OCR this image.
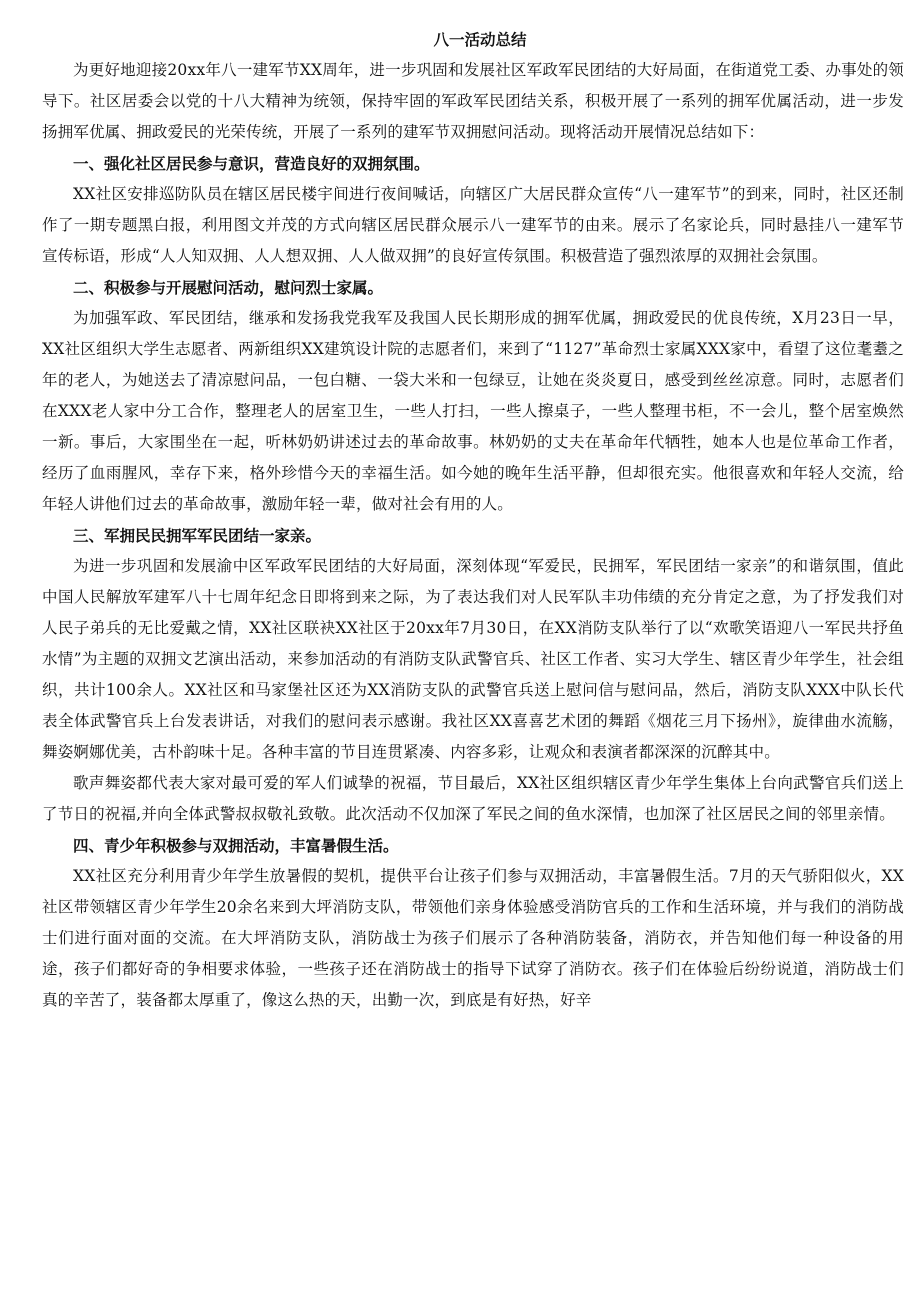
八一活动总结

为更好地迎接20xx年八一建军节XX周年，进一步巩固和发展社区军政军民团结的大好局面，在街道党工委、办事处的领导下。社区居委会以党的十八大精神为统领，保持牢固的军政军民团结关系，积极开展了一系列的拥军优属活动，进一步发扬拥军优属、拥政爱民的光荣传统，开展了一系列的建军节双拥慰问活动。现将活动开展情况总结如下：

一、强化社区居民参与意识，营造良好的双拥氛围。

XX社区安排巡防队员在辖区居民楼宇间进行夜间喊话，向辖区广大居民群众宣传“八一建军节”的到来，同时，社区还制作了一期专题黑白报，利用图文并茂的方式向辖区居民群众展示八一建军节的由来。展示了名家论兵，同时悬挂八一建军节宣传标语，形成“人人知双拥、人人想双拥、人人做双拥”的良好宣传氛围。积极营造了强烈浓厚的双拥社会氛围。

二、积极参与开展慰问活动，慰问烈士家属。

为加强军政、军民团结，继承和发扬我党我军及我国人民长期形成的拥军优属，拥政爱民的优良传统，X月23日一早，XX社区组织大学生志愿者、两新组织XX建筑设计院的志愿者们，来到了“1127”革命烈士家属XXX家中，看望了这位耄耋之年的老人，为她送去了清凉慰问品，一包白糖、一袋大米和一包绿豆，让她在炎炎夏日，感受到丝丝凉意。同时，志愿者们在XXX老人家中分工合作，整理老人的居室卫生，一些人打扫，一些人擦桌子，一些人整理书柜，不一会儿，整个居室焕然一新。事后，大家围坐在一起，听林奶奶讲述过去的革命故事。林奶奶的丈夫在革命年代牺牲，她本人也是位革命工作者，经历了血雨腥风，幸存下来，格外珍惜今天的幸福生活。如今她的晚年生活平静，但却很充实。他很喜欢和年轻人交流，给年轻人讲他们过去的革命故事，激励年轻一辈，做对社会有用的人。

三、军拥民民拥军军民团结一家亲。

为进一步巩固和发展渝中区军政军民团结的大好局面，深刻体现“军爱民，民拥军，军民团结一家亲”的和谐氛围，值此中国人民解放军建军八十七周年纪念日即将到来之际，为了表达我们对人民军队丰功伟绩的充分肯定之意，为了抒发我们对人民子弟兵的无比爱戴之情，XX社区联袂XX社区于20xx年7月30日，在XX消防支队举行了以“欢歌笑语迎八一军民共抒鱼水情”为主题的双拥文艺演出活动，来参加活动的有消防支队武警官兵、社区工作者、实习大学生、辖区青少年学生，社会组织，共计100余人。XX社区和马家堡社区还为XX消防支队的武警官兵送上慰问信与慰问品，然后，消防支队XXX中队长代表全体武警官兵上台发表讲话，对我们的慰问表示感谢。我社区XX喜喜艺术团的舞蹈《烟花三月下扬州》，旋律曲水流觞，舞姿婀娜优美，古朴韵味十足。各种丰富的节目连贯紧凑、内容多彩，让观众和表演者都深深的沉醉其中。

歌声舞姿都代表大家对最可爱的军人们诚挚的祝福，节目最后，XX社区组织辖区青少年学生集体上台向武警官兵们送上了节日的祝福,并向全体武警叔叔敬礼致敬。此次活动不仅加深了军民之间的鱼水深情，也加深了社区居民之间的邻里亲情。

四、青少年积极参与双拥活动，丰富暑假生活。

XX社区充分利用青少年学生放暑假的契机，提供平台让孩子们参与双拥活动，丰富暑假生活。7月的天气骄阳似火，XX社区带领辖区青少年学生20余名来到大坪消防支队，带领他们亲身体验感受消防官兵的工作和生活环境，并与我们的消防战士们进行面对面的交流。在大坪消防支队，消防战士为孩子们展示了各种消防装备，消防衣，并告知他们每一种设备的用途，孩子们都好奇的争相要求体验，一些孩子还在消防战士的指导下试穿了消防衣。孩子们在体验后纷纷说道，消防战士们真的辛苦了，装备都太厚重了，像这么热的天，出勤一次，到底是有好热，好辛
